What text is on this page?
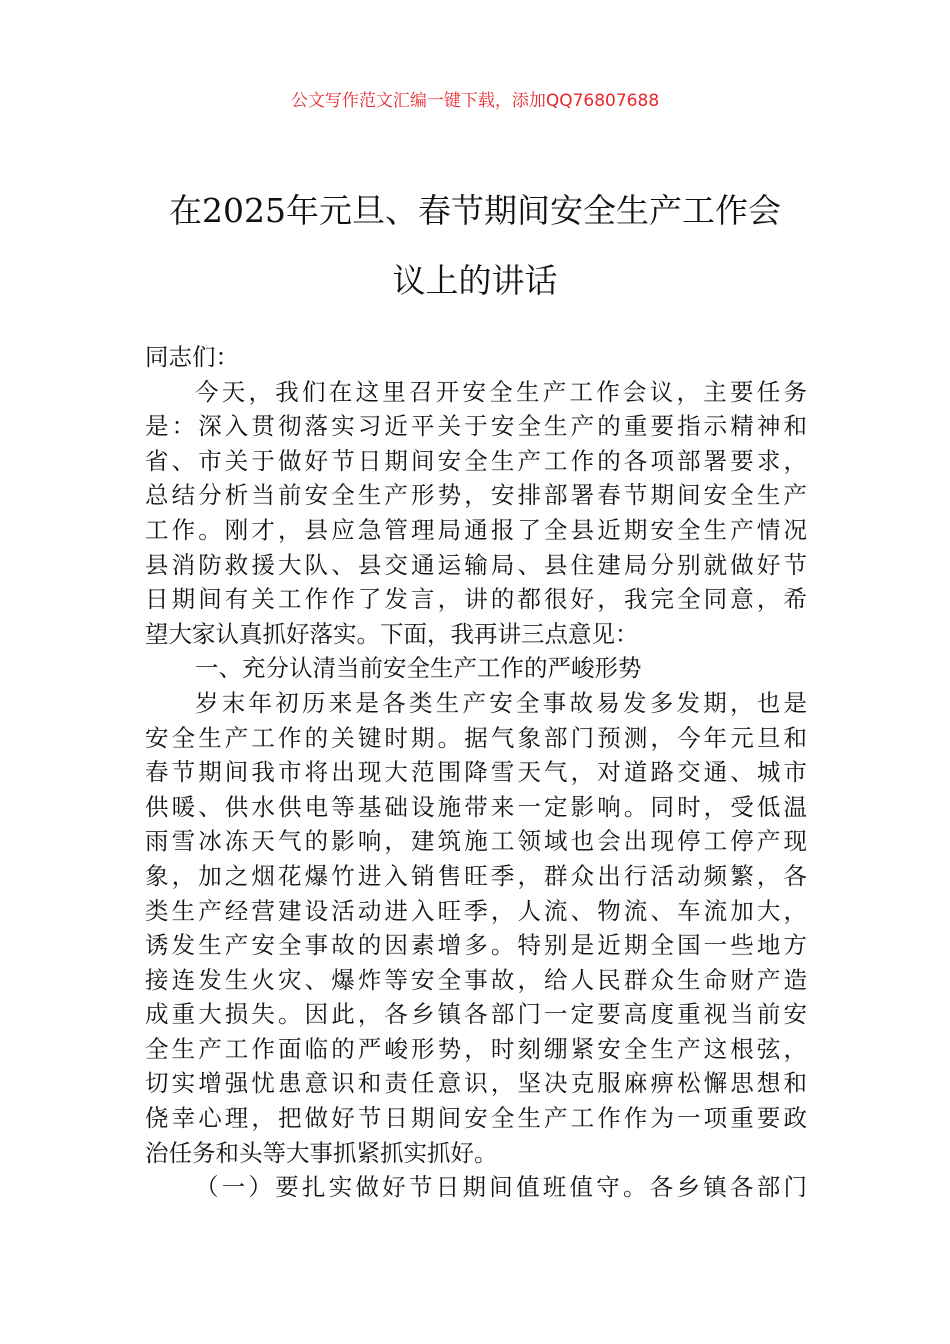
公文写作范文汇编一键下载，添加QQ76807688
在2025年元旦、春节期间安全生产工作会
议上的讲话
同志们：
今天，我们在这里召开安全生产工作会议，主要任务
是：深入贯彻落实习近平关于安全生产的重要指示精神和
省、市关于做好节日期间安全生产工作的各项部署要求，
总结分析当前安全生产形势，安排部署春节期间安全生产
工作。刚才，县应急管理局通报了全县近期安全生产情况
县消防救援大队、县交通运输局、县住建局分别就做好节
日期间有关工作作了发言，讲的都很好，我完全同意，希
望大家认真抓好落实。下面，我再讲三点意见：
一、充分认清当前安全生产工作的严峻形势
岁末年初历来是各类生产安全事故易发多发期，也是
安全生产工作的关键时期。据气象部门预测，今年元旦和
春节期间我市将出现大范围降雪天气，对道路交通、城市
供暖、供水供电等基础设施带来一定影响。同时，受低温
雨雪冰冻天气的影响，建筑施工领域也会出现停工停产现
象，加之烟花爆竹进入销售旺季，群众出行活动频繁，各
类生产经营建设活动进入旺季，人流、物流、车流加大，
诱发生产安全事故的因素增多。特别是近期全国一些地方
接连发生火灾、爆炸等安全事故，给人民群众生命财产造
成重大损失。因此，各乡镇各部门一定要高度重视当前安
全生产工作面临的严峻形势，时刻绷紧安全生产这根弦，
切实增强忧患意识和责任意识，坚决克服麻痹松懈思想和
侥幸心理，把做好节日期间安全生产工作作为一项重要政
治任务和头等大事抓紧抓实抓好。
（一）要扎实做好节日期间值班值守。各乡镇各部门
